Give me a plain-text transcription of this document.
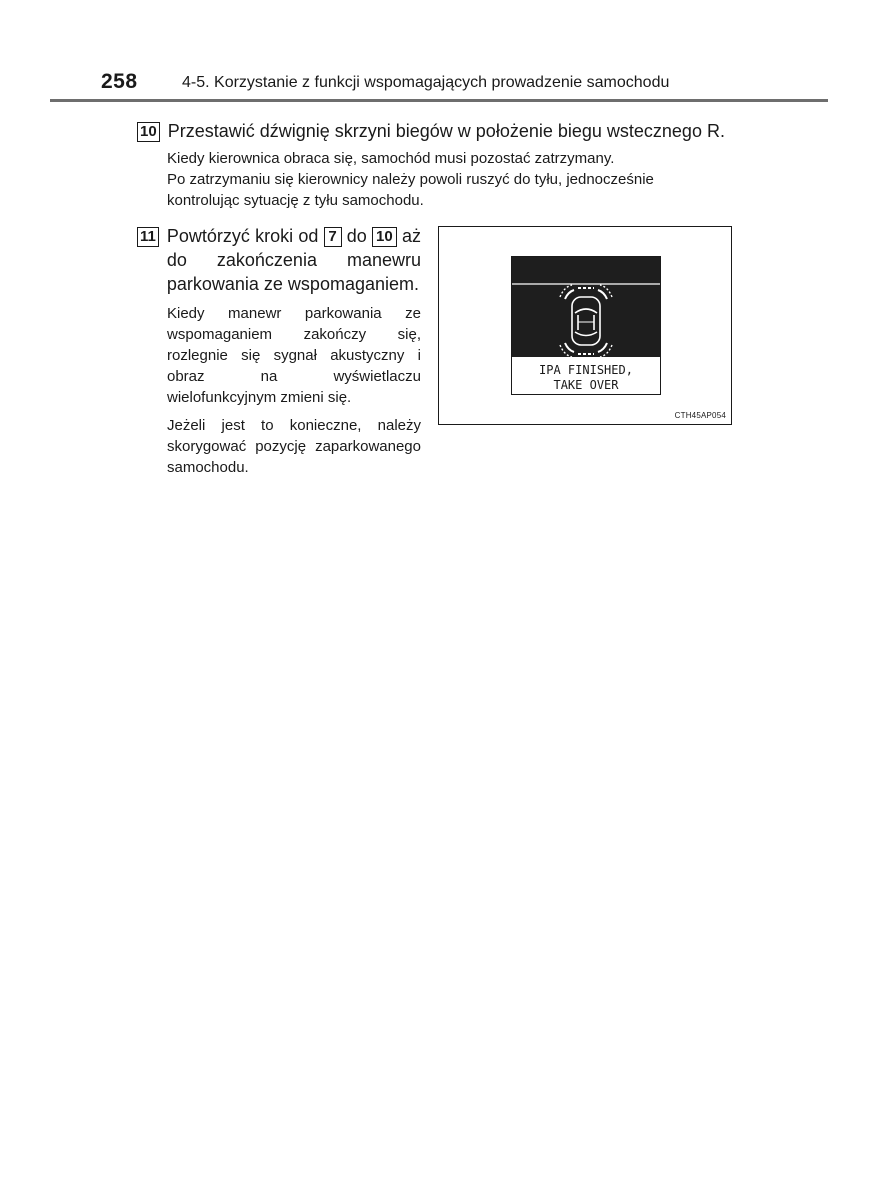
258	4-5. Korzystanie z funkcji wspomagających prowadzenie samochodu
10 Przestawić dźwignię skrzyni biegów w położenie biegu wstecznego R.
Kiedy kierownica obraca się, samochód musi pozostać zatrzymany.
Po zatrzymaniu się kierownicy należy powoli ruszyć do tyłu, jednocześnie
kontrolując sytuację z tyłu samochodu.
11 Powtórzyć kroki od 7 do 10 aż do zakończenia manewru parkowania ze wspomaganiem.

Kiedy manewr parkowania ze wspomaganiem zakończy się, rozlegnie się sygnał akustyczny i obraz na wyświetlaczu wielofunkcyjnym zmieni się.

Jeżeli jest to konieczne, należy skorygować pozycję zaparkowanego samochodu.

IPA FINISHED,
TAKE OVER
CTH45AP054
